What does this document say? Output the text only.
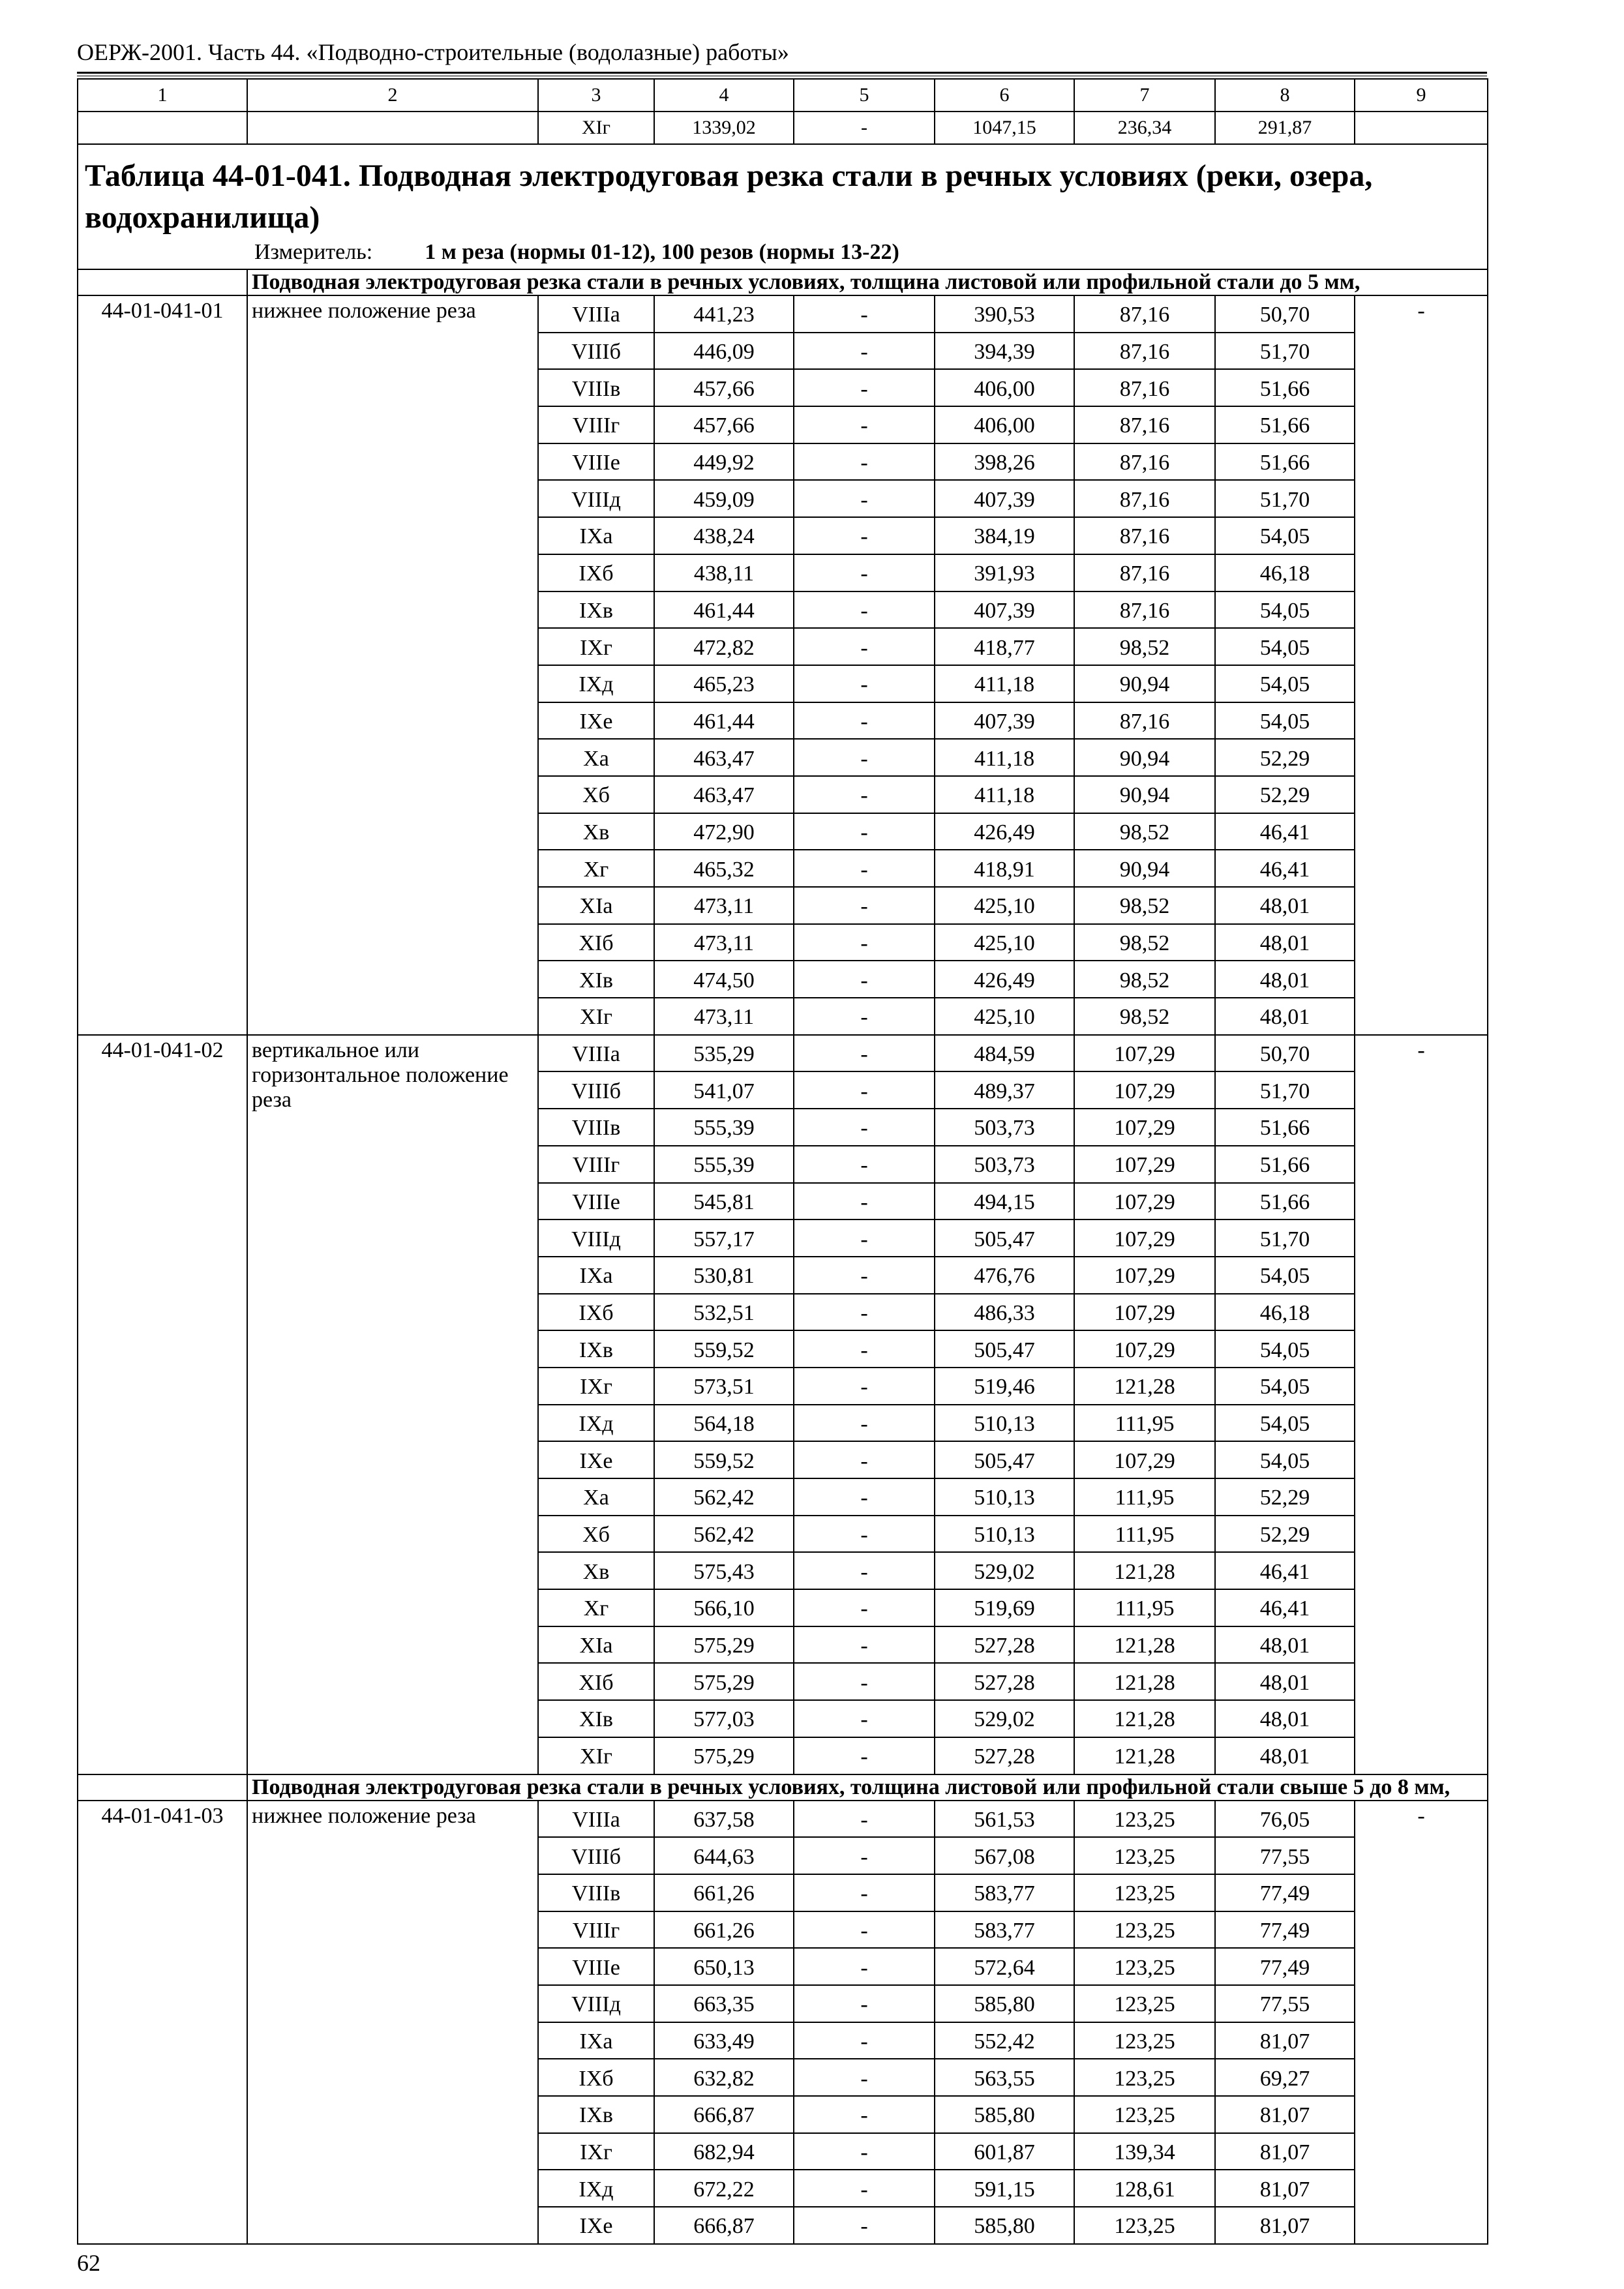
ОЕРЖ-2001. Часть 44. «Подводно-строительные (водолазные) работы»
1	2	3	4	5	6	7	8	9
		XIг	1339,02	-	1047,15	236,34	291,87	

Таблица 44-01-041. Подводная электродуговая резка стали в речных условиях (реки, озера, водохранилища)
Измеритель: 1 м реза (нормы 01-12), 100 резов (нормы 13-22)								

	Подводная электродуговая резка стали в речных условиях, толщина листовой или профильной стали до 5 мм,							
44-01-041-01	нижнее положение реза	VIIIа	441,23	-	390,53	87,16	50,70	-
		VIIIб	446,09	-	394,39	87,16	51,70	
		VIIIв	457,66	-	406,00	87,16	51,66	
		VIIIг	457,66	-	406,00	87,16	51,66	
		VIIIе	449,92	-	398,26	87,16	51,66	
		VIIIд	459,09	-	407,39	87,16	51,70	
		IXа	438,24	-	384,19	87,16	54,05	
		IXб	438,11	-	391,93	87,16	46,18	
		IXв	461,44	-	407,39	87,16	54,05	
		IXг	472,82	-	418,77	98,52	54,05	
		IXд	465,23	-	411,18	90,94	54,05	
		IXе	461,44	-	407,39	87,16	54,05	
		Xа	463,47	-	411,18	90,94	52,29	
		Xб	463,47	-	411,18	90,94	52,29	
		Xв	472,90	-	426,49	98,52	46,41	
		Xг	465,32	-	418,91	90,94	46,41	
		XIа	473,11	-	425,10	98,52	48,01	
		XIб	473,11	-	425,10	98,52	48,01	
		XIв	474,50	-	426,49	98,52	48,01	
		XIг	473,11	-	425,10	98,52	48,01	
44-01-041-02	вертикальное или горизонтальное положение реза	VIIIа	535,29	-	484,59	107,29	50,70	-
		VIIIб	541,07	-	489,37	107,29	51,70	
		VIIIв	555,39	-	503,73	107,29	51,66	
		VIIIг	555,39	-	503,73	107,29	51,66	
		VIIIе	545,81	-	494,15	107,29	51,66	
		VIIIд	557,17	-	505,47	107,29	51,70	
		IXа	530,81	-	476,76	107,29	54,05	
		IXб	532,51	-	486,33	107,29	46,18	
		IXв	559,52	-	505,47	107,29	54,05	
		IXг	573,51	-	519,46	121,28	54,05	
		IXд	564,18	-	510,13	111,95	54,05	
		IXе	559,52	-	505,47	107,29	54,05	
		Xа	562,42	-	510,13	111,95	52,29	
		Xб	562,42	-	510,13	111,95	52,29	
		Xв	575,43	-	529,02	121,28	46,41	
		Xг	566,10	-	519,69	111,95	46,41	
		XIа	575,29	-	527,28	121,28	48,01	
		XIб	575,29	-	527,28	121,28	48,01	
		XIв	577,03	-	529,02	121,28	48,01	
		XIг	575,29	-	527,28	121,28	48,01	
	Подводная электродуговая резка стали в речных условиях, толщина листовой или профильной стали свыше 5 до 8 мм,							
44-01-041-03	нижнее положение реза	VIIIа	637,58	-	561,53	123,25	76,05	-
		VIIIб	644,63	-	567,08	123,25	77,55	
		VIIIв	661,26	-	583,77	123,25	77,49	
		VIIIг	661,26	-	583,77	123,25	77,49	
		VIIIе	650,13	-	572,64	123,25	77,49	
		VIIIд	663,35	-	585,80	123,25	77,55	
		IXа	633,49	-	552,42	123,25	81,07	
		IXб	632,82	-	563,55	123,25	69,27	
		IXв	666,87	-	585,80	123,25	81,07	
		IXг	682,94	-	601,87	139,34	81,07	
		IXд	672,22	-	591,15	128,61	81,07	
		IXе	666,87	-	585,80	123,25	81,07	
62
